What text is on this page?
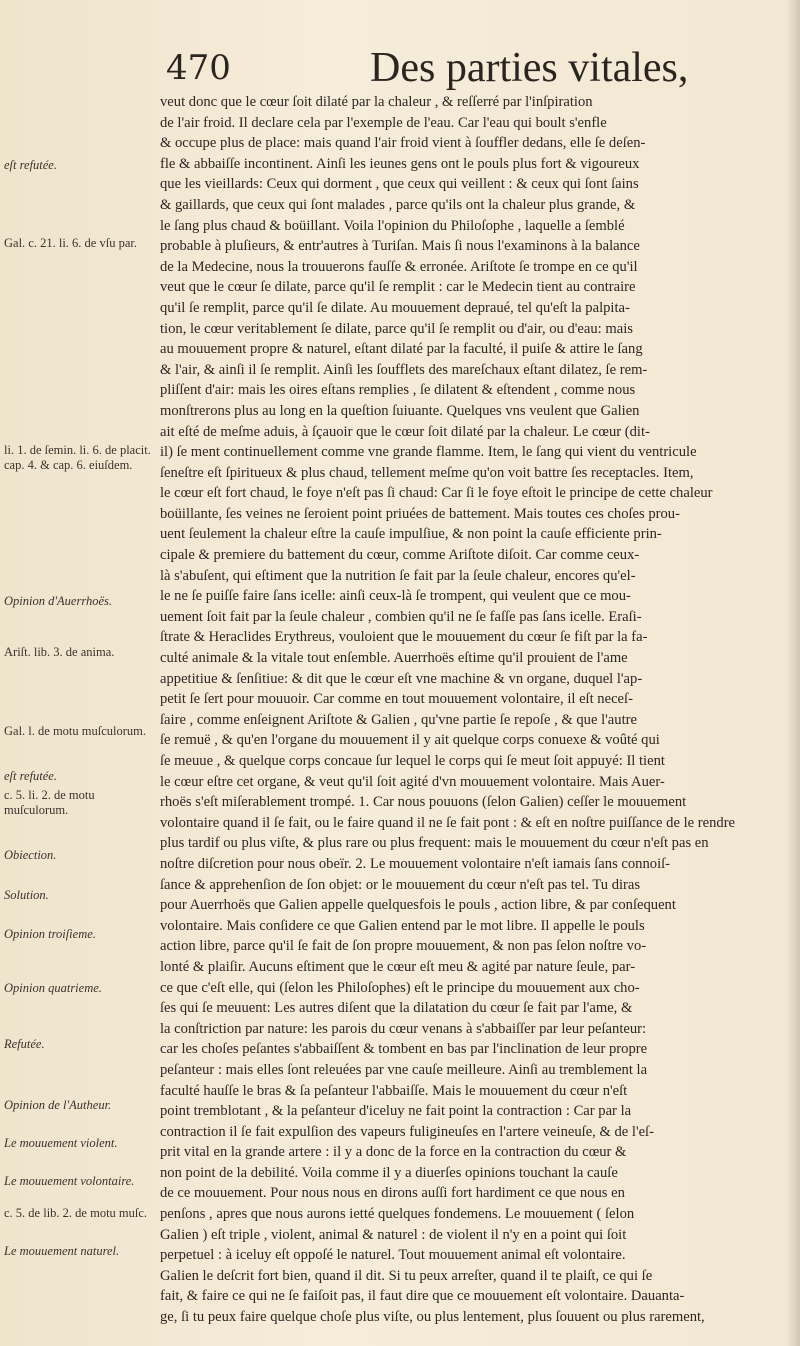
470	Des parties vitales,
eſt refutée.
Gal. c. 21. li. 6. de vſu par.
li. 1. de ſemin. li. 6. de placit. cap. 4. & cap. 6. eiuſdem.
Opinion d'Auerrhoës.
Ariſt. lib. 3. de anima.
Gal. l. de motu muſculorum.
eſt refutée.
c. 5. li. 2. de motu muſculorum.
Obiection.
Solution.
Opinion troiſieme.
Opinion quatrieme.
Refutée.
Opinion de l'Autheur.
Le mouuement violent.
Le mouuement volontaire.
c. 5. de lib. 2. de motu muſc.
Le mouuement naturel.
veut donc que le cœur ſoit dilaté par la chaleur , & reſſerré par l'inſpiration
de l'air froid. Il declare cela par l'exemple de l'eau. Car l'eau qui boult s'enfle
& occupe plus de place: mais quand l'air froid vient à ſouffler dedans, elle ſe deſen-
fle & abbaiſſe incontinent. Ainſi les ieunes gens ont le pouls plus fort & vigoureux
que les vieillards: Ceux qui dorment , que ceux qui veillent : & ceux qui ſont ſains
& gaillards, que ceux qui ſont malades , parce qu'ils ont la chaleur plus grande, &
le ſang plus chaud & boüillant. Voila l'opinion du Philoſophe , laquelle a ſemblé
probable à pluſieurs, & entr'autres à Turiſan. Mais ſi nous l'examinons à la balance
de la Medecine, nous la trouuerons fauſſe & erronée. Ariſtote ſe trompe en ce qu'il
veut que le cœur ſe dilate, parce qu'il ſe remplit : car le Medecin tient au contraire
qu'il ſe remplit, parce qu'il ſe dilate. Au mouuement depraué, tel qu'eſt la palpita-
tion, le cœur veritablement ſe dilate, parce qu'il ſe remplit ou d'air, ou d'eau: mais
au mouuement propre & naturel, eſtant dilaté par la faculté, il puiſe & attire le ſang
& l'air, & ainſi il ſe remplit. Ainſi les ſoufflets des mareſchaux eſtant dilatez, ſe rem-
pliſſent d'air: mais les oires eſtans remplies , ſe dilatent & eſtendent , comme nous
monſtrerons plus au long en la queſtion ſuiuante. Quelques vns veulent que Galien
ait eſté de meſme aduis, à ſçauoir que le cœur ſoit dilaté par la chaleur. Le cœur (dit-
il) ſe ment continuellement comme vne grande flamme. Item, le ſang qui vient du ventricule
ſeneſtre eſt ſpiritueux & plus chaud, tellement meſme qu'on voit battre ſes receptacles. Item,
le cœur eſt fort chaud, le foye n'eſt pas ſi chaud: Car ſi le foye eſtoit le principe de cette chaleur
boüillante, ſes veines ne ſeroient point priuées de battement. Mais toutes ces choſes prou-
uent ſeulement la chaleur eſtre la cauſe impulſiue, & non point la cauſe efficiente prin-
cipale & premiere du battement du cœur, comme Ariſtote diſoit. Car comme ceux-
là s'abuſent, qui eſtiment que la nutrition ſe fait par la ſeule chaleur, encores qu'el-
le ne ſe puiſſe faire ſans icelle: ainſi ceux-là ſe trompent, qui veulent que ce mou-
uement ſoit fait par la ſeule chaleur , combien qu'il ne ſe faſſe pas ſans icelle. Eraſi-
ſtrate & Heraclides Erythreus, vouloient que le mouuement du cœur ſe fiſt par la fa-
culté animale & la vitale tout enſemble. Auerrhoës eſtime qu'il prouient de l'ame
appetitiue & ſenſitiue: & dit que le cœur eſt vne machine & vn organe, duquel l'ap-
petit ſe ſert pour mouuoir. Car comme en tout mouuement volontaire, il eſt neceſ-
ſaire , comme enſeignent Ariſtote & Galien , qu'vne partie ſe repoſe , & que l'autre
ſe remuë , & qu'en l'organe du mouuement il y ait quelque corps conuexe & voûté qui
ſe meuue , & quelque corps concaue ſur lequel le corps qui ſe meut ſoit appuyé: Il tient
le cœur eſtre cet organe, & veut qu'il ſoit agité d'vn mouuement volontaire. Mais Auer-
rhoës s'eſt miſerablement trompé. 1. Car nous pouuons (ſelon Galien) ceſſer le mouuement
volontaire quand il ſe fait, ou le faire quand il ne ſe fait pont : & eſt en noſtre puiſſance de le rendre
plus tardif ou plus viſte, & plus rare ou plus frequent: mais le mouuement du cœur n'eſt pas en
noſtre diſcretion pour nous obeïr. 2. Le mouuement volontaire n'eſt iamais ſans connoiſ-
ſance & apprehenſion de ſon objet: or le mouuement du cœur n'eſt pas tel. Tu diras
pour Auerrhoës que Galien appelle quelquesfois le pouls , action libre, & par conſequent
volontaire. Mais conſidere ce que Galien entend par le mot libre. Il appelle le pouls
action libre, parce qu'il ſe fait de ſon propre mouuement, & non pas ſelon noſtre vo-
lonté & plaiſir. Aucuns eſtiment que le cœur eſt meu & agité par nature ſeule, par-
ce que c'eſt elle, qui (ſelon les Philoſophes) eſt le principe du mouuement aux cho-
ſes qui ſe meuuent: Les autres diſent que la dilatation du cœur ſe fait par l'ame, &
la conſtriction par nature: les parois du cœur venans à s'abbaiſſer par leur peſanteur:
car les choſes peſantes s'abbaiſſent & tombent en bas par l'inclination de leur propre
peſanteur : mais elles ſont releuées par vne cauſe meilleure. Ainſi au tremblement la
faculté hauſſe le bras & ſa peſanteur l'abbaiſſe. Mais le mouuement du cœur n'eſt
point tremblotant , & la peſanteur d'iceluy ne fait point la contraction : Car par la
contraction il ſe fait expulſion des vapeurs fuligineuſes en l'artere veineuſe, & de l'eſ-
prit vital en la grande artere : il y a donc de la force en la contraction du cœur &
non point de la debilité. Voila comme il y a diuerſes opinions touchant la cauſe
de ce mouuement. Pour nous nous en dirons auſſi fort hardiment ce que nous en
penſons , apres que nous aurons ietté quelques fondemens. Le mouuement ( ſelon
Galien ) eſt triple , violent, animal & naturel : de violent il n'y en a point qui ſoit
perpetuel : à iceluy eſt oppoſé le naturel. Tout mouuement animal eſt volontaire.
Galien le deſcrit fort bien, quand il dit. Si tu peux arreſter, quand il te plaiſt, ce qui ſe
fait, & faire ce qui ne ſe faiſoit pas, il faut dire que ce mouuement eſt volontaire. Dauanta-
ge, ſi tu peux faire quelque choſe plus viſte, ou plus lentement, plus ſouuent ou plus rarement,
